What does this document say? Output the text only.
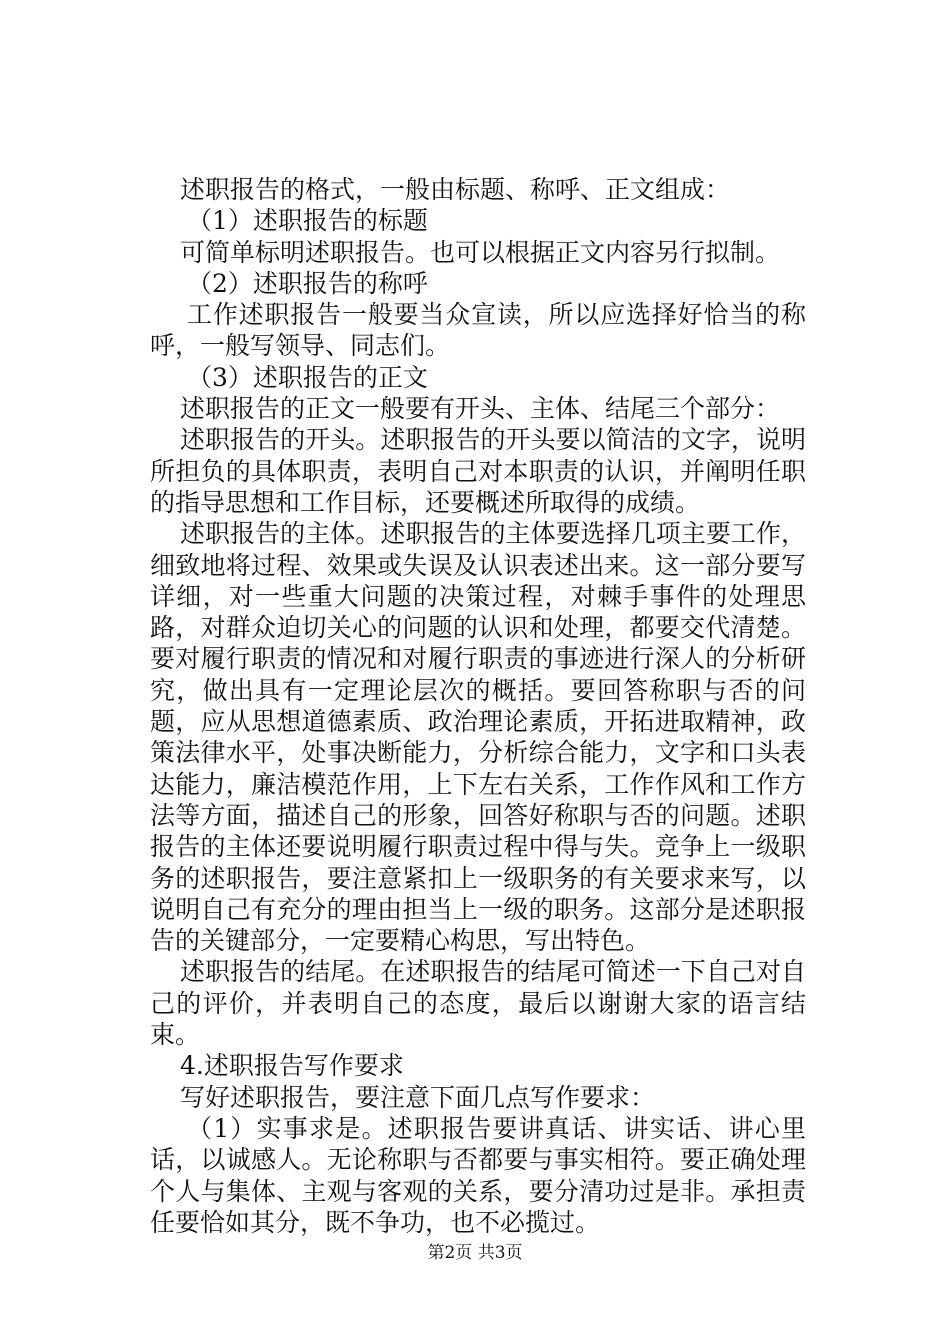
述职报告的格式，一般由标题、称呼、正文组成：

（1）述职报告的标题

可简单标明述职报告。也可以根据正文内容另行拟制。

（2）述职报告的称呼

工作述职报告一般要当众宣读，所以应选择好恰当的称呼，一般写领导、同志们。

（3）述职报告的正文

述职报告的正文一般要有开头、主体、结尾三个部分：

述职报告的开头。述职报告的开头要以简洁的文字，说明所担负的具体职责，表明自己对本职责的认识，并阐明任职的指导思想和工作目标，还要概述所取得的成绩。

述职报告的主体。述职报告的主体要选择几项主要工作，细致地将过程、效果或失误及认识表述出来。这一部分要写详细，对一些重大问题的决策过程，对棘手事件的处理思路，对群众迫切关心的问题的认识和处理，都要交代清楚。要对履行职责的情况和对履行职责的事迹进行深人的分析研究，做出具有一定理论层次的概括。要回答称职与否的问题，应从思想道德素质、政治理论素质，开拓进取精神，政策法律水平，处事决断能力，分析综合能力，文字和口头表达能力，廉洁模范作用，上下左右关系，工作作风和工作方法等方面，描述自己的形象，回答好称职与否的问题。述职报告的主体还要说明履行职责过程中得与失。竞争上一级职务的述职报告，要注意紧扣上一级职务的有关要求来写，以说明自己有充分的理由担当上一级的职务。这部分是述职报告的关键部分，一定要精心构思，写出特色。

述职报告的结尾。在述职报告的结尾可简述一下自己对自己的评价，并表明自己的态度，最后以谢谢大家的语言结束。

4.述职报告写作要求

写好述职报告，要注意下面几点写作要求：

（1）实事求是。述职报告要讲真话、讲实话、讲心里话，以诚感人。无论称职与否都要与事实相符。要正确处理个人与集体、主观与客观的关系，要分清功过是非。承担责任要恰如其分，既不争功，也不必揽过。

第2页 共3页
